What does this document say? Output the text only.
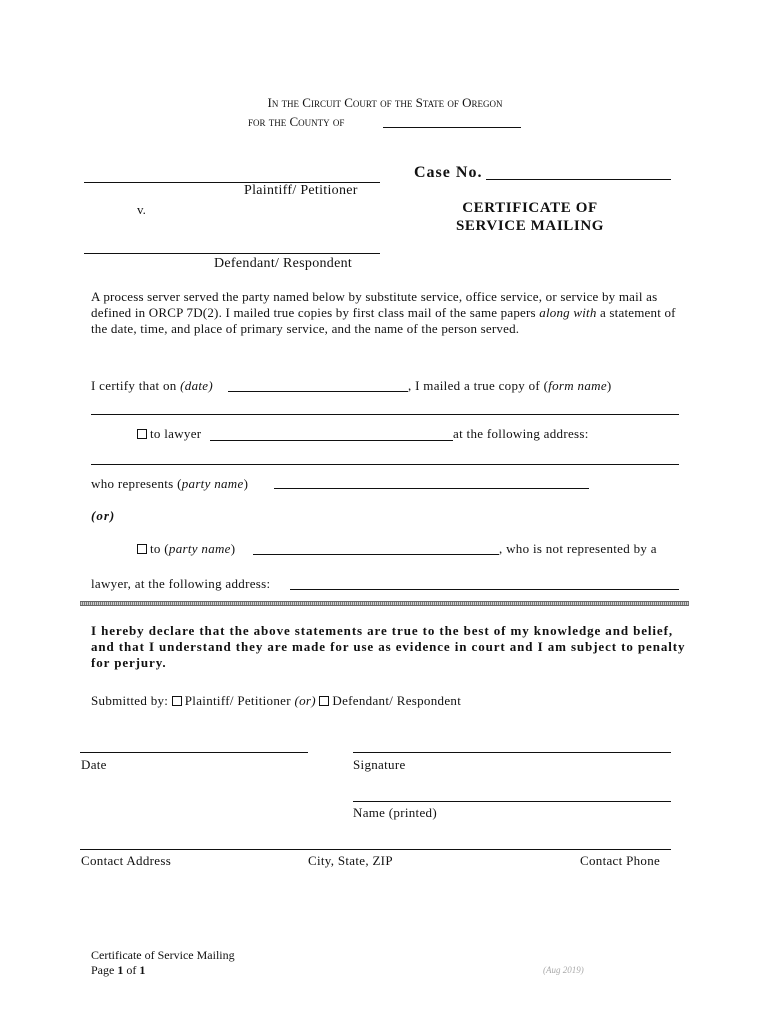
In the Circuit Court of the State of Oregon
for the County of
Plaintiff/ Petitioner
v.
Defendant/ Respondent
Case No.
CERTIFICATE OF
SERVICE MAILING
A process server served the party named below by substitute service, office service, or service by mail as defined in ORCP 7D(2). I mailed true copies by first class mail of the same papers along with a statement of the date, time, and place of primary service, and the name of the person served.
I certify that on (date)	, I mailed a true copy of (form name)
to lawyer	at the following address:
who represents (party name)
(or)
to (party name)	, who is not represented by a
lawyer, at the following address:
I hereby declare that the above statements are true to the best of my knowledge and belief, and that I understand they are made for use as evidence in court and I am subject to penalty for perjury.
Submitted by: Plaintiff/ Petitioner (or) Defendant/ Respondent
Date	Signature
Name (printed)
Contact Address	City, State, ZIP	Contact Phone
Certificate of Service Mailing
Page 1 of 1	(Aug 2019)
